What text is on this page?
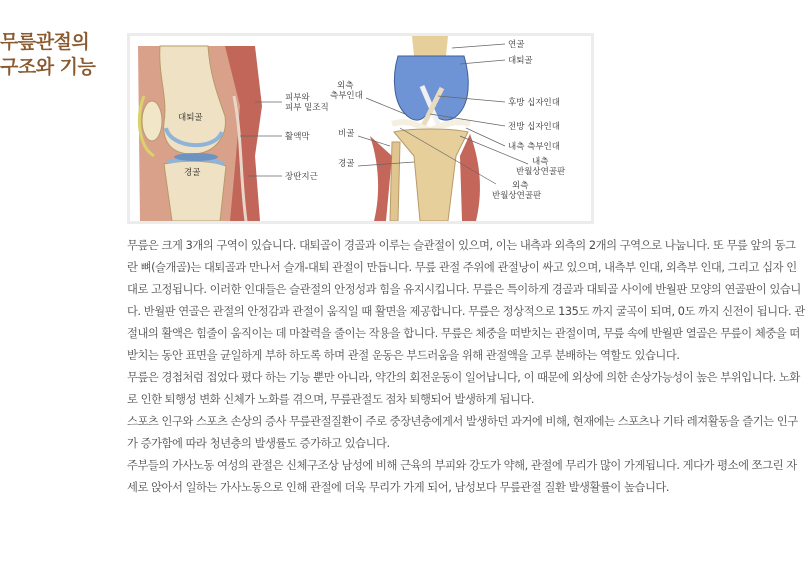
무릎관절의
구조와 기능
대퇴골
경골
피부와
피부 밑조직
활액막
장딴지근
외측
측부인대
비골
경골
연골
대퇴골
후방 십자인대
전방 십자인대
내측 측부인대
내측
반월상연골판
외측
반월상연골판

무릎은 크게 3개의 구역이 있습니다. 대퇴골이 경골과 이루는 슬관절이 있으며, 이는 내측과 외측의 2개의 구역으로 나눕니다. 또 무릎 앞의 동그란 뼈(슬개골)는 대퇴골과 만나서 슬개-대퇴 관절이 만듭니다. 무릎 관절 주위에 관절낭이 싸고 있으며, 내측부 인대, 외측부 인대, 그리고 십자 인대로 고정됩니다. 이러한 인대들은 슬관절의 안정성과 힘을 유지시킵니다. 무릎은 특이하게 경골과 대퇴골 사이에 반월판 모양의 연골판이 있습니다. 반월판 연골은 관절의 안정감과 관절이 움직일 때 활면을 제공합니다. 무릎은 정상적으로 135도 까지 굴곡이 되며, 0도 까지 신전이 됩니다. 관절내의 활액은 힘줄이 움직이는 데 마찰력을 줄이는 작용을 합니다. 무릎은 체중을 떠받치는 관절이며, 무릎 속에 반월판 열골은 무릎이 체중을 떠받치는 동안 표면을 균일하게 부하 하도록 하며 관절 운동은 부드러움을 위해 관절액을 고루 분배하는 역할도 있습니다.

무릎은 경첩처럼 접었다 폈다 하는 기능 뿐만 아니라, 약간의 회전운동이 일어납니다, 이 때문에 외상에 의한 손상가능성이 높은 부위입니다. 노화로 인한 퇴행성 변화 신체가 노화를 겪으며, 무릎관절도 점차 퇴행되어 발생하게 됩니다.

스포츠 인구와 스포츠 손상의 증사 무릎관절질환이 주로 중장년층에게서 발생하던 과거에 비해, 현재에는 스포츠나 기타 레져활동을 즐기는 인구가 증가함에 따라 청년층의 발생률도 증가하고 있습니다.

주부들의 가사노동 여성의 관절은 신체구조상 남성에 비해 근육의 부피와 강도가 약해, 관절에 무리가 많이 가게됩니다. 게다가 평소에 쪼그린 자세로 앉아서 일하는 가사노동으로 인해 관절에 더욱 무리가 가게 되어, 남성보다 무릎관절 질환 발생활률이 높습니다.
